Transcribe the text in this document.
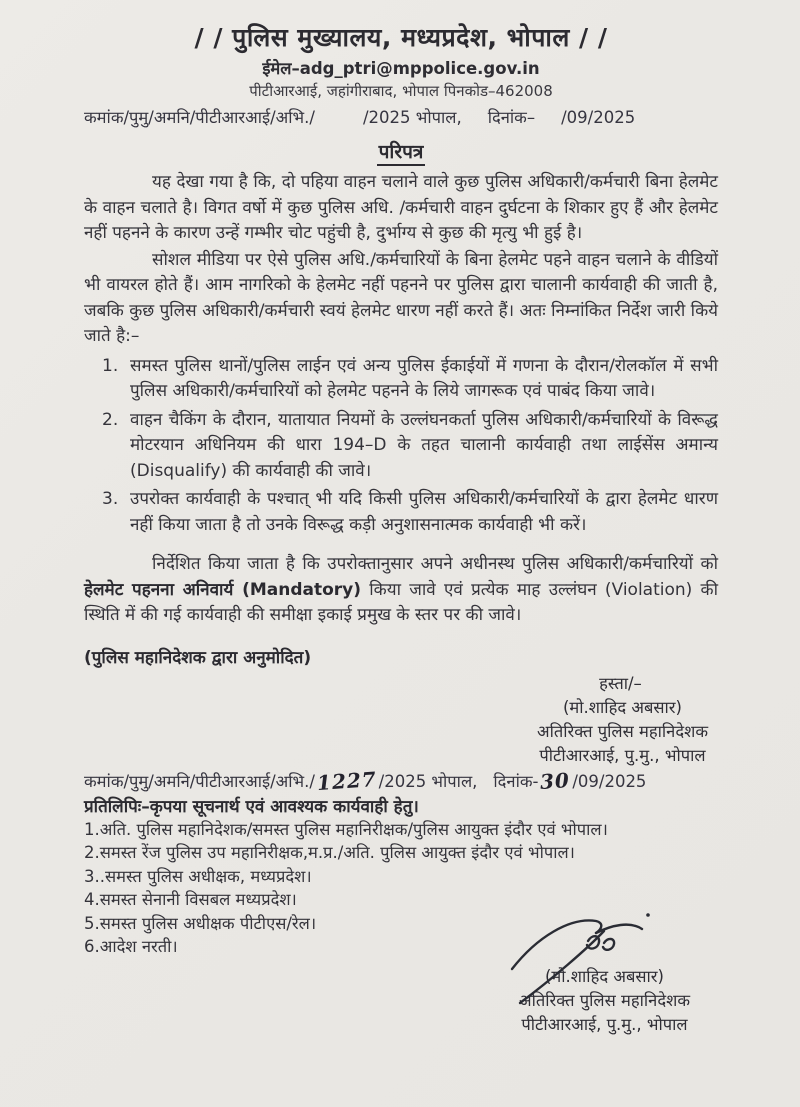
/ / पुलिस मुख्यालय, मध्यप्रदेश, भोपाल / /
ईमेल–adg_ptri@mppolice.gov.in
पीटीआरआई, जहांगीराबाद, भोपाल पिनकोड–462008
कमांक/पुमु/अमनि/पीटीआरआई/अभि./	/2025 भोपाल, दिनांक– /09/2025
परिपत्र

यह देखा गया है कि, दो पहिया वाहन चलाने वाले कुछ पुलिस अधिकारी/कर्मचारी बिना हेलमेट के वाहन चलाते है। विगत वर्षो में कुछ पुलिस अधि. /कर्मचारी वाहन दुर्घटना के शिकार हुए हैं और हेलमेट नहीं पहनने के कारण उन्हें गम्भीर चोट पहुंची है, दुर्भाग्य से कुछ की मृत्यु भी हुई है।

सोशल मीडिया पर ऐसे पुलिस अधि./कर्मचारियों के बिना हेलमेट पहने वाहन चलाने के वीडियों भी वायरल होते हैं। आम नागरिको के हेलमेट नहीं पहनने पर पुलिस द्वारा चालानी कार्यवाही की जाती है, जबकि कुछ पुलिस अधिकारी/कर्मचारी स्वयं हेलमेट धारण नहीं करते हैं। अतः निम्नांकित निर्देश जारी किये जाते है:–

1. समस्त पुलिस थानों/पुलिस लाईन एवं अन्य पुलिस ईकाईयों में गणना के दौरान/रोलकॉल में सभी पुलिस अधिकारी/कर्मचारियों को हेलमेट पहनने के लिये जागरूक एवं पाबंद किया जावे।
2. वाहन चैकिंग के दौरान, यातायात नियमों के उल्लंघनकर्ता पुलिस अधिकारी/कर्मचारियों के विरूद्ध मोटरयान अधिनियम की धारा 194–D के तहत चालानी कार्यवाही तथा लाईसेंस अमान्य (Disqualify) की कार्यवाही की जावे।
3. उपरोक्त कार्यवाही के पश्चात् भी यदि किसी पुलिस अधिकारी/कर्मचारियों के द्वारा हेलमेट धारण नहीं किया जाता है तो उनके विरूद्ध कड़ी अनुशासनात्मक कार्यवाही भी करें।

निर्देशित किया जाता है कि उपरोक्तानुसार अपने अधीनस्थ पुलिस अधिकारी/कर्मचारियों को हेलमेट पहनना अनिवार्य (Mandatory) किया जावे एवं प्रत्येक माह उल्लंघन (Violation) की स्थिति में की गई कार्यवाही की समीक्षा इकाई प्रमुख के स्तर पर की जावे।

(पुलिस महानिदेशक द्वारा अनुमोदित)
हस्ता/–
(मो.शाहिद अबसार)
अतिरिक्त पुलिस महानिदेशक
पीटीआरआई, पु.मु., भोपाल
कमांक/पुमु/अमनि/पीटीआरआई/अभि./ 1227 /2025 भोपाल, दिनांक- 30 /09/2025
प्रतिलिपिः–कृपया सूचनार्थ एवं आवश्यक कार्यवाही हेतु।
1.अति. पुलिस महानिदेशक/समस्त पुलिस महानिरीक्षक/पुलिस आयुक्त इंदौर एवं भोपाल।
2.समस्त रेंज पुलिस उप महानिरीक्षक,म.प्र./अति. पुलिस आयुक्त इंदौर एवं भोपाल।
3..समस्त पुलिस अधीक्षक, मध्यप्रदेश।
4.समस्त सेनानी विसबल मध्यप्रदेश।
5.समस्त पुलिस अधीक्षक पीटीएस/रेल।
6.आदेश नरती।
(मो.शाहिद अबसार)
अतिरिक्त पुलिस महानिदेशक
पीटीआरआई, पु.मु., भोपाल
